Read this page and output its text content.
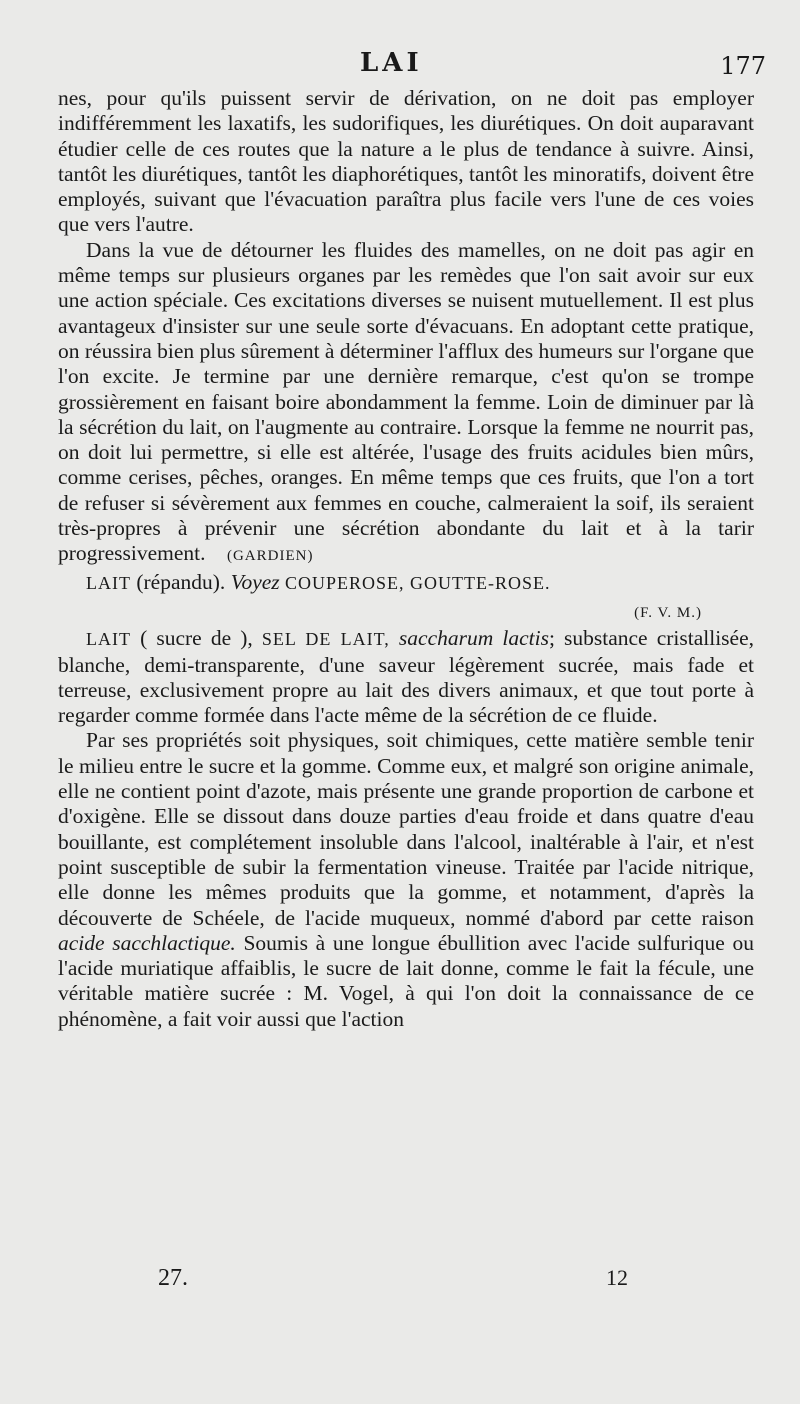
LAI	177

nes, pour qu'ils puissent servir de dérivation, on ne doit pas employer indifféremment les laxatifs, les sudorifiques, les diurétiques. On doit auparavant étudier celle de ces routes que la nature a le plus de tendance à suivre. Ainsi, tantôt les diurétiques, tantôt les diaphorétiques, tantôt les minoratifs, doivent être employés, suivant que l'évacuation paraîtra plus facile vers l'une de ces voies que vers l'autre.

Dans la vue de détourner les fluides des mamelles, on ne doit pas agir en même temps sur plusieurs organes par les remèdes que l'on sait avoir sur eux une action spéciale. Ces excitations diverses se nuisent mutuellement. Il est plus avantageux d'insister sur une seule sorte d'évacuans. En adoptant cette pratique, on réussira bien plus sûrement à déterminer l'afflux des humeurs sur l'organe que l'on excite. Je termine par une dernière remarque, c'est qu'on se trompe grossièrement en faisant boire abondamment la femme. Loin de diminuer par là la sécrétion du lait, on l'augmente au contraire. Lorsque la femme ne nourrit pas, on doit lui permettre, si elle est altérée, l'usage des fruits acidules bien mûrs, comme cerises, pêches, oranges. En même temps que ces fruits, que l'on a tort de refuser si sévèrement aux femmes en couche, calmeraient la soif, ils seraient très-propres à prévenir une sécrétion abondante du lait et à la tarir progressivement. (GARDIEN)

LAIT (répandu). Voyez COUPEROSE, GOUTTE-ROSE.

(F. V. M.)

LAIT ( sucre de ), SEL DE LAIT, saccharum lactis; substance cristallisée, blanche, demi-transparente, d'une saveur légèrement sucrée, mais fade et terreuse, exclusivement propre au lait des divers animaux, et que tout porte à regarder comme formée dans l'acte même de la sécrétion de ce fluide.

Par ses propriétés soit physiques, soit chimiques, cette matière semble tenir le milieu entre le sucre et la gomme. Comme eux, et malgré son origine animale, elle ne contient point d'azote, mais présente une grande proportion de carbone et d'oxigène. Elle se dissout dans douze parties d'eau froide et dans quatre d'eau bouillante, est complétement insoluble dans l'alcool, inaltérable à l'air, et n'est point susceptible de subir la fermentation vineuse. Traitée par l'acide nitrique, elle donne les mêmes produits que la gomme, et notamment, d'après la découverte de Schéele, de l'acide muqueux, nommé d'abord par cette raison acide sacchlactique. Soumis à une longue ébullition avec l'acide sulfurique ou l'acide muriatique affaiblis, le sucre de lait donne, comme le fait la fécule, une véritable matière sucrée : M. Vogel, à qui l'on doit la connaissance de ce phénomène, a fait voir aussi que l'action

27.	12
